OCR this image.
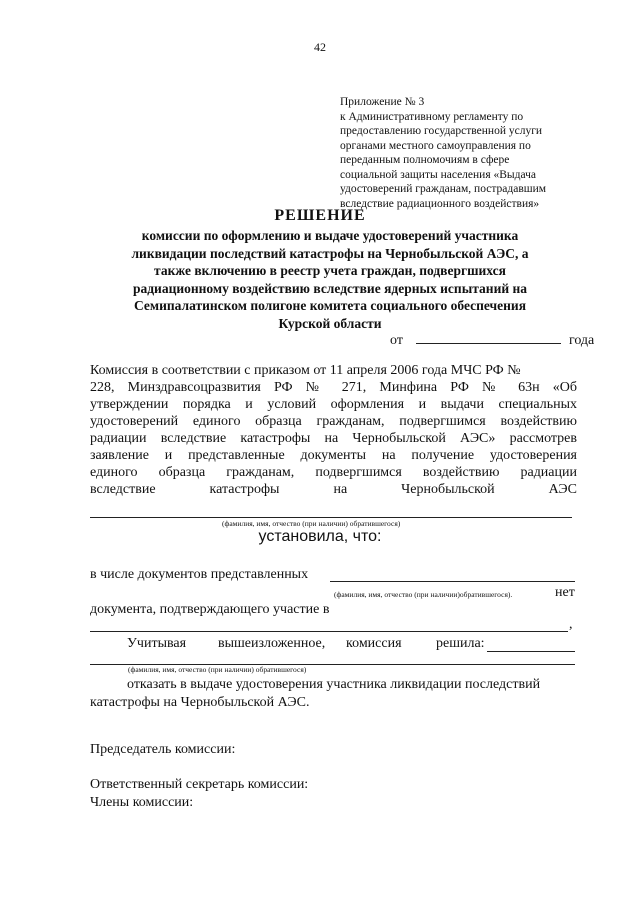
42
Приложение № 3
к Административному регламенту по
предоставлению государственной услуги
органами местного самоуправления по
переданным полномочиям в сфере
социальной защиты населения «Выдача
удостоверений гражданам, пострадавшим
вследствие радиационного воздействия»
РЕШЕНИЕ
комиссии по оформлению и выдаче удостоверений участника
ликвидации последствий катастрофы на Чернобыльской АЭС, а
также включению в реестр учета граждан, подвергшихся
радиационному воздействию вследствие ядерных испытаний на
Семипалатинском полигоне комитета социального обеспечения
Курской области
от	года
Комиссия в соответствии с приказом от 11 апреля 2006 года МЧС РФ №
228, Минздравсоцразвития РФ № 271, Минфина РФ № 63н «Об
утверждении порядка и условий оформления и выдачи специальных
удостоверений единого образца гражданам, подвергшимся воздействию
радиации вследствие катастрофы на Чернобыльской АЭС» рассмотрев
заявление и представленные документы на получение удостоверения
единого образца гражданам, подвергшимся воздействию радиации
вследствие катастрофы на Чернобыльской АЭС
(фамилия, имя, отчество (при наличии) обратившегося)
установила, что:
в числе документов представленных
(фамилия, имя, отчество (при наличии)обратившегося).	нет
документа, подтверждающего участие в
,
Учитывая вышеизложенное, комиссия решила:
(фамилия, имя, отчество (при наличии) обратившегося)
отказать в выдаче удостоверения участника ликвидации последствий
катастрофы на Чернобыльской АЭС.
Председатель комиссии:
Ответственный секретарь комиссии:
Члены комиссии:
